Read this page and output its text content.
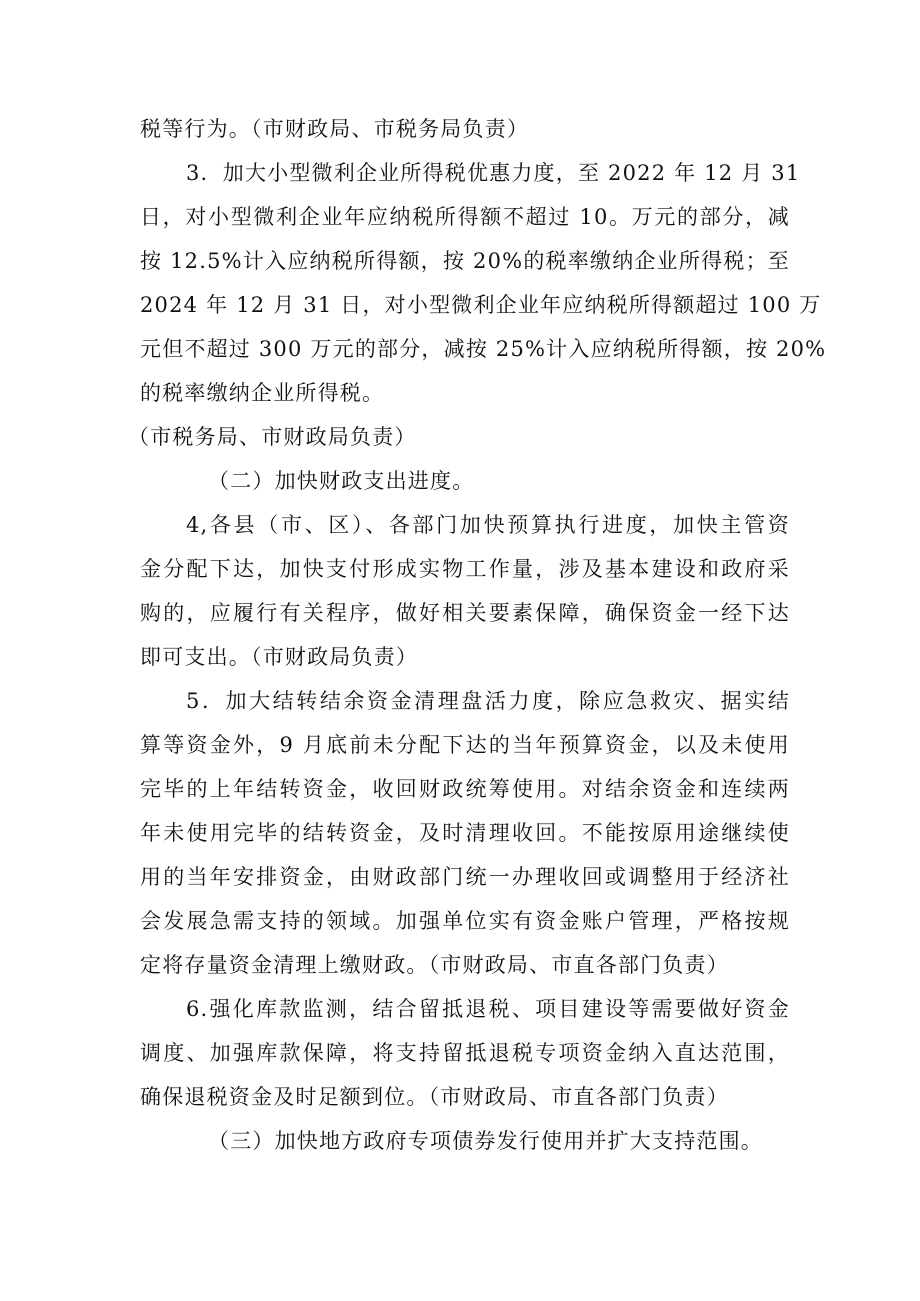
税等行为。（市财政局、市税务局负责）
3．加大小型微利企业所得税优惠力度，至 2022 年 12 月 31
日，对小型微利企业年应纳税所得额不超过 10。万元的部分，减
按 12.5%计入应纳税所得额，按 20%的税率缴纳企业所得税；至
2024 年 12 月 31 日，对小型微利企业年应纳税所得额超过 100 万
元但不超过 300 万元的部分，减按 25%计入应纳税所得额，按 20%
的税率缴纳企业所得税。
（市税务局、市财政局负责）
（二）加快财政支出进度。
4,各县（市、区）、各部门加快预算执行进度，加快主管资
金分配下达，加快支付形成实物工作量，涉及基本建设和政府采
购的，应履行有关程序，做好相关要素保障，确保资金一经下达
即可支出。（市财政局负责）
5．加大结转结余资金清理盘活力度，除应急救灾、据实结
算等资金外，9 月底前未分配下达的当年预算资金，以及未使用
完毕的上年结转资金，收回财政统筹使用。对结余资金和连续两
年未使用完毕的结转资金，及时清理收回。不能按原用途继续使
用的当年安排资金，由财政部门统一办理收回或调整用于经济社
会发展急需支持的领域。加强单位实有资金账户管理，严格按规
定将存量资金清理上缴财政。（市财政局、市直各部门负责）
6.强化库款监测，结合留抵退税、项目建设等需要做好资金
调度、加强库款保障，将支持留抵退税专项资金纳入直达范围，
确保退税资金及时足额到位。（市财政局、市直各部门负责）
（三）加快地方政府专项债券发行使用并扩大支持范围。
